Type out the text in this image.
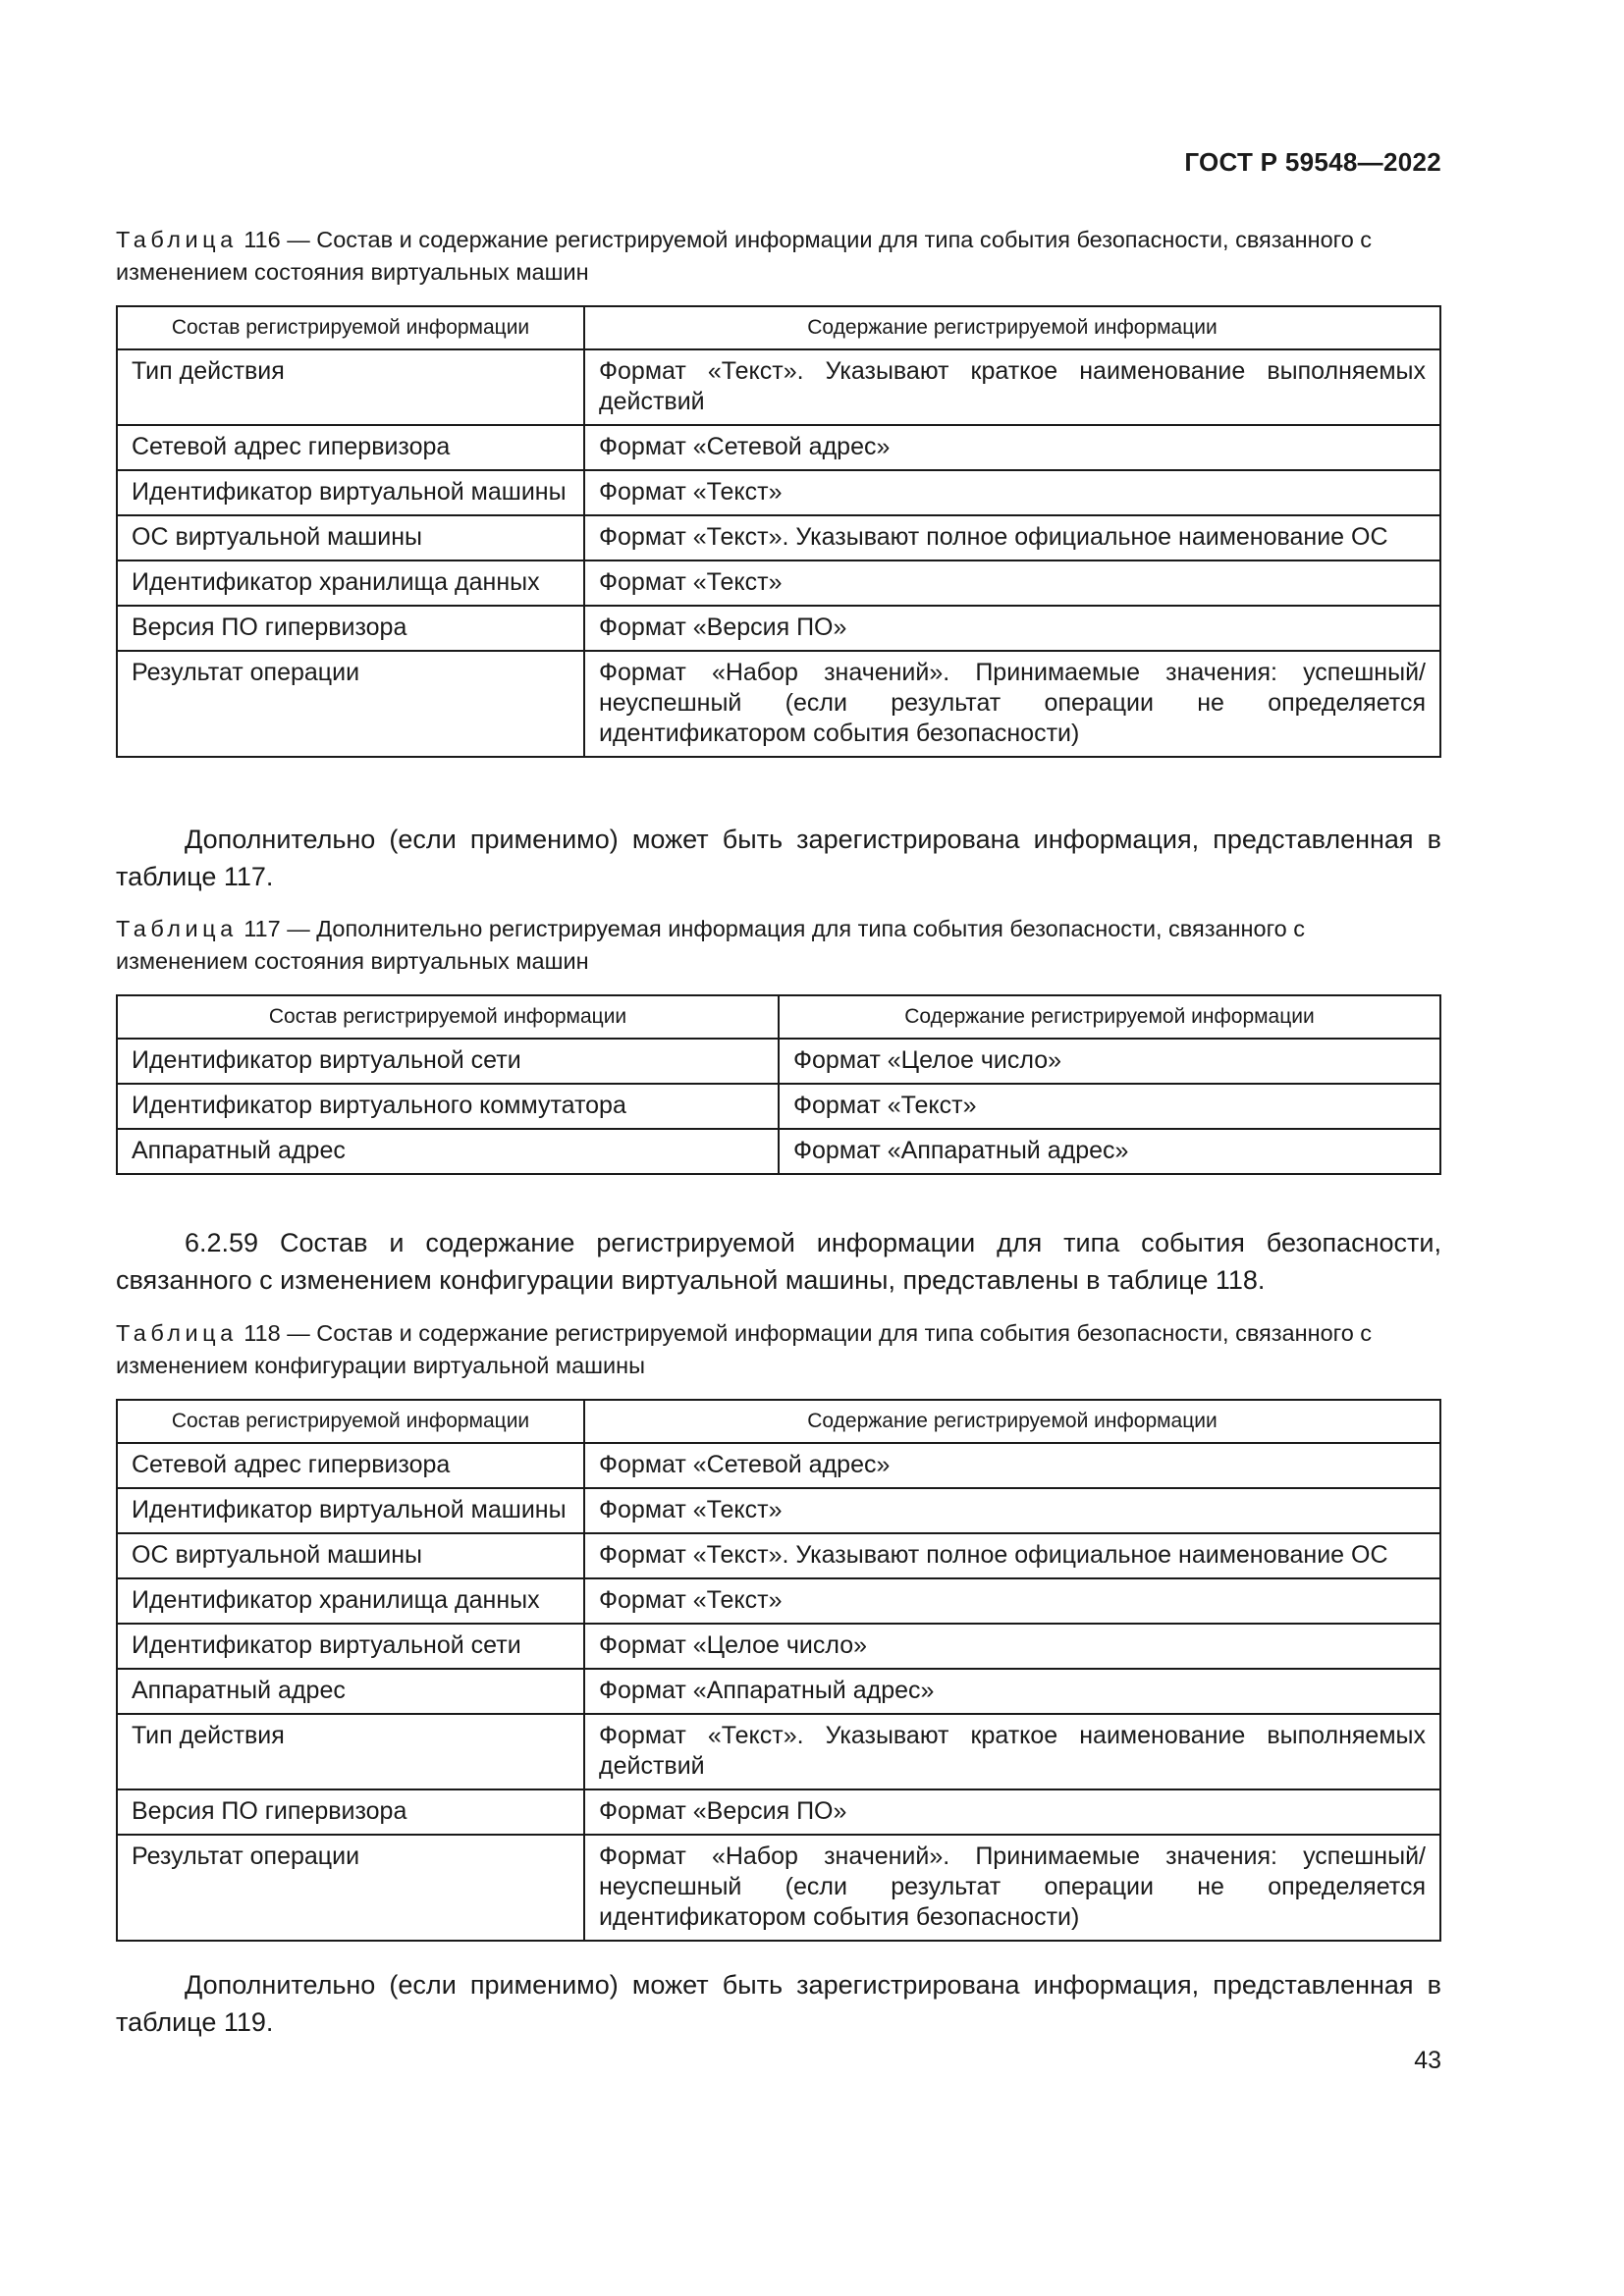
ГОСТ Р 59548—2022
Таблица 116 — Состав и содержание регистрируемой информации для типа события безопасности, связанного с изменением состояния виртуальных машин
Состав регистрируемой информации	Содержание регистрируемой информации
Тип действия	Формат «Текст». Указывают краткое наименование выполняемых действий
Сетевой адрес гипервизора	Формат «Сетевой адрес»
Идентификатор виртуальной машины	Формат «Текст»
ОС виртуальной машины	Формат «Текст». Указывают полное официальное наименование ОС
Идентификатор хранилища данных	Формат «Текст»
Версия ПО гипервизора	Формат «Версия ПО»
Результат операции	Формат «Набор значений». Принимаемые значения: успешный/неуспешный (если результат операции не определяется идентификатором события безопасности)
Дополнительно (если применимо) может быть зарегистрирована информация, представленная в таблице 117.
Таблица 117 — Дополнительно регистрируемая информация для типа события безопасности, связанного с изменением состояния виртуальных машин
Состав регистрируемой информации	Содержание регистрируемой информации
Идентификатор виртуальной сети	Формат «Целое число»
Идентификатор виртуального коммутатора	Формат «Текст»
Аппаратный адрес	Формат «Аппаратный адрес»
6.2.59 Состав и содержание регистрируемой информации для типа события безопасности, связанного с изменением конфигурации виртуальной машины, представлены в таблице 118.
Таблица 118 — Состав и содержание регистрируемой информации для типа события безопасности, связанного с изменением конфигурации виртуальной машины
Состав регистрируемой информации	Содержание регистрируемой информации
Сетевой адрес гипервизора	Формат «Сетевой адрес»
Идентификатор виртуальной машины	Формат «Текст»
ОС виртуальной машины	Формат «Текст». Указывают полное официальное наименование ОС
Идентификатор хранилища данных	Формат «Текст»
Идентификатор виртуальной сети	Формат «Целое число»
Аппаратный адрес	Формат «Аппаратный адрес»
Тип действия	Формат «Текст». Указывают краткое наименование выполняемых действий
Версия ПО гипервизора	Формат «Версия ПО»
Результат операции	Формат «Набор значений». Принимаемые значения: успешный/неуспешный (если результат операции не определяется идентификатором события безопасности)
Дополнительно (если применимо) может быть зарегистрирована информация, представленная в таблице 119.
43
